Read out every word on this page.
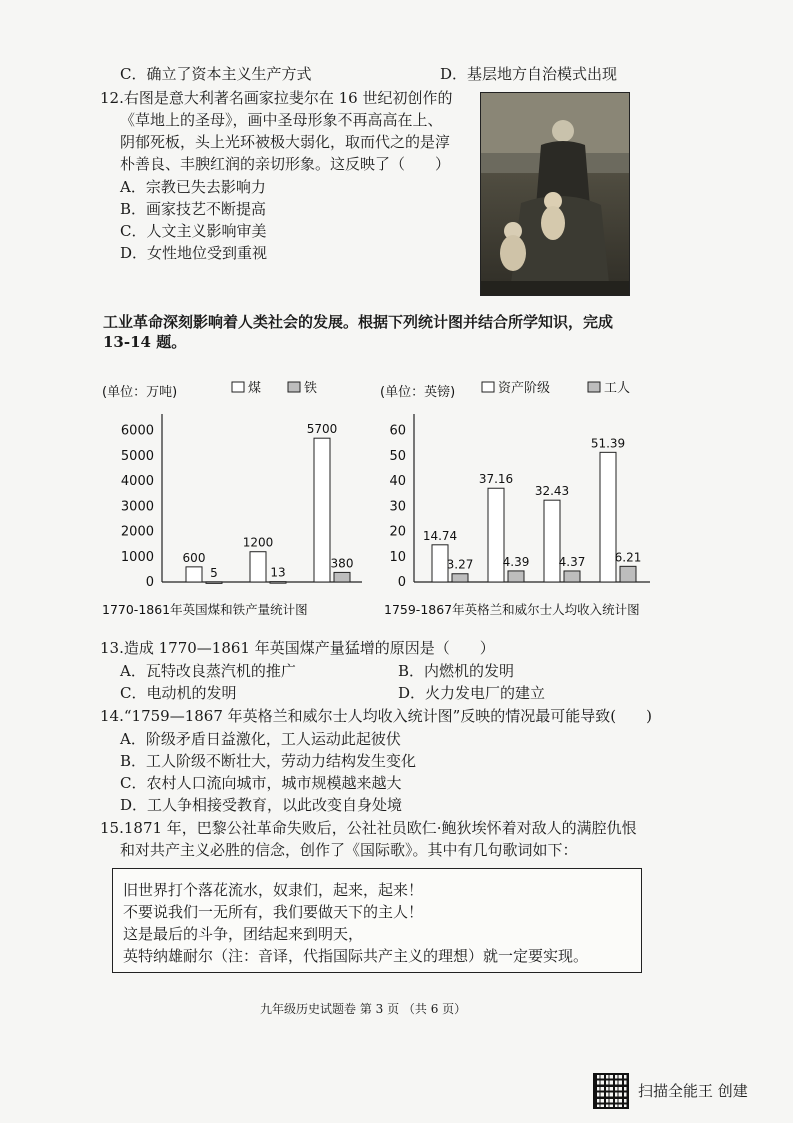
C．确立了资本主义生产方式	D．基层地方自治模式出现
12.右图是意大利著名画家拉斐尔在 16 世纪初创作的
《草地上的圣母》，画中圣母形象不再高高在上、
阴郁死板，头上光环被极大弱化，取而代之的是淳
朴善良、丰腴红润的亲切形象。这反映了（　　）
A．宗教已失去影响力
B．画家技艺不断提高
C．人文主义影响审美
D．女性地位受到重视
工业革命深刻影响着人类社会的发展。根据下列统计图并结合所学知识，完成
13-14 题。
(单位：万吨)	煤	铁
0
1000
2000
3000
4000
5000
6000
600
5
1200
13
5700
380
1770-1861年英国煤和铁产量统计图
(单位：英镑)	资产阶级	工人
0
10
20
30
40
50
60
14.74
3.27
37.16
4.39
32.43
4.37
51.39
6.21
1759-1867年英格兰和威尔士人均收入统计图
13.造成 1770—1861 年英国煤产量猛增的原因是（　　）
A．瓦特改良蒸汽机的推广	B．内燃机的发明
C．电动机的发明	D．火力发电厂的建立
14.“1759—1867 年英格兰和威尔士人均收入统计图”反映的情况最可能导致(　　)
A．阶级矛盾日益激化，工人运动此起彼伏
B．工人阶级不断壮大，劳动力结构发生变化
C．农村人口流向城市，城市规模越来越大
D．工人争相接受教育，以此改变自身处境
15.1871 年，巴黎公社革命失败后，公社社员欧仁·鲍狄埃怀着对敌人的满腔仇恨
和对共产主义必胜的信念，创作了《国际歌》。其中有几句歌词如下：
旧世界打个落花流水，奴隶们，起来，起来！
不要说我们一无所有，我们要做天下的主人！
这是最后的斗争，团结起来到明天，
英特纳雄耐尔（注：音译，代指国际共产主义的理想）就一定要实现。
九年级历史试题卷 第 3 页 （共 6 页）
扫描全能王 创建
